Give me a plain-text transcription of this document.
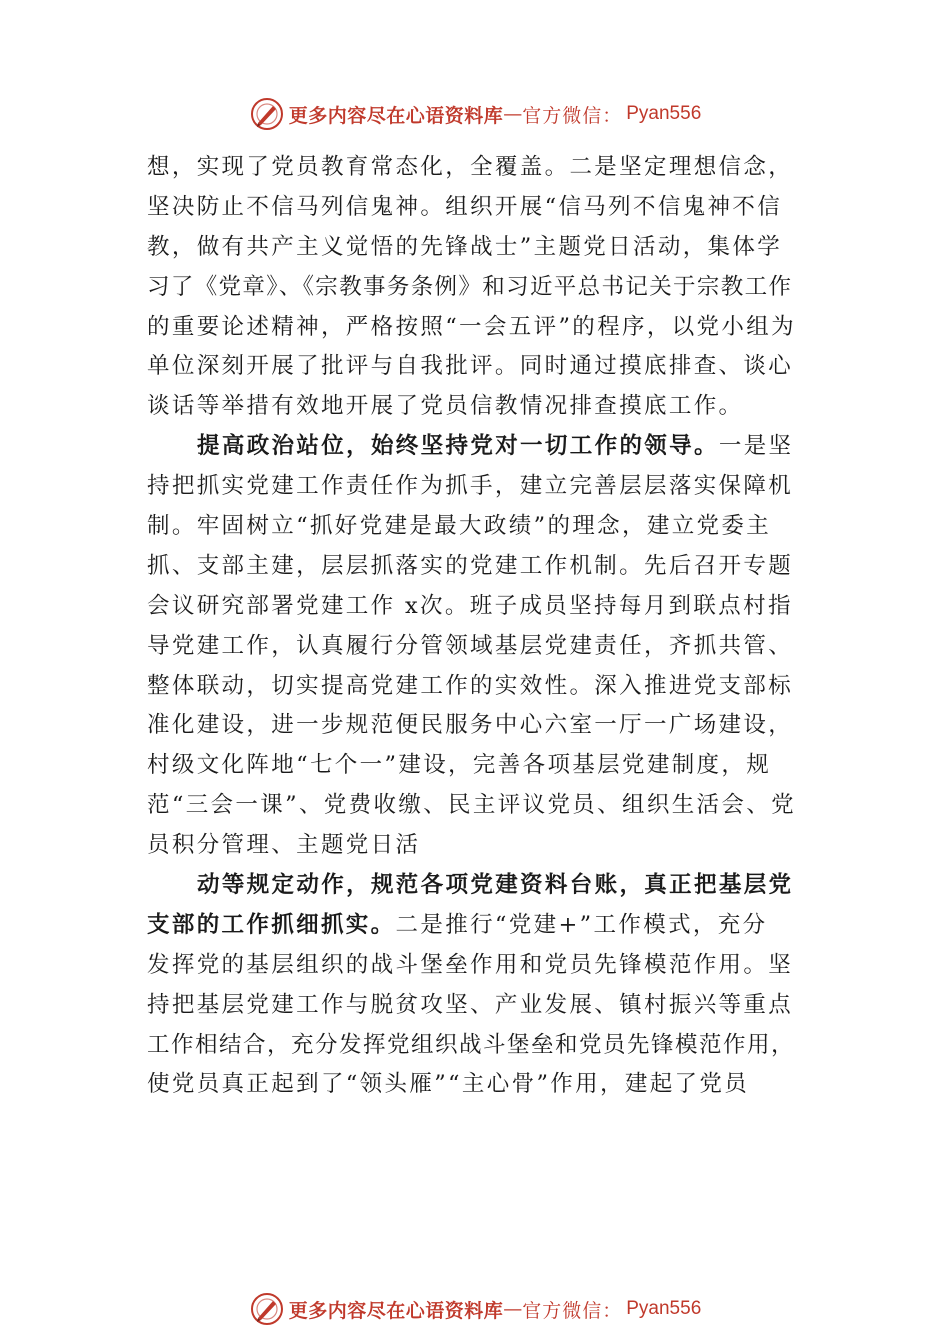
更多内容尽在心语资料库 — 官方微信： Pyan556
想，实现了党员教育常态化，全覆盖。二是坚定理想信念，
坚决防止不信马列信鬼神。组织开展“信马列不信鬼神不信
教，做有共产主义觉悟的先锋战士”主题党日活动，集体学
习了《党章》、《宗教事务条例》和习近平总书记关于宗教工作
的重要论述精神，严格按照“一会五评”的程序，以党小组为
单位深刻开展了批评与自我批评。同时通过摸底排查、谈心
谈话等举措有效地开展了党员信教情况排查摸底工作。
提高政治站位，始终坚持党对一切工作的领导。一是坚
持把抓实党建工作责任作为抓手，建立完善层层落实保障机
制。牢固树立“抓好党建是最大政绩”的理念，建立党委主
抓、支部主建，层层抓落实的党建工作机制。先后召开专题
会议研究部署党建工作 x次。班子成员坚持每月到联点村指
导党建工作，认真履行分管领域基层党建责任，齐抓共管、
整体联动，切实提高党建工作的实效性。深入推进党支部标
准化建设，进一步规范便民服务中心六室一厅一广场建设，
村级文化阵地“七个一”建设，完善各项基层党建制度，规
范“三会一课”、党费收缴、民主评议党员、组织生活会、党
员积分管理、主题党日活
动等规定动作，规范各项党建资料台账，真正把基层党
支部的工作抓细抓实。二是推行“党建+”工作模式，充分
发挥党的基层组织的战斗堡垒作用和党员先锋模范作用。坚
持把基层党建工作与脱贫攻坚、产业发展、镇村振兴等重点
工作相结合，充分发挥党组织战斗堡垒和党员先锋模范作用，
使党员真正起到了“领头雁”“主心骨”作用，建起了党员
更多内容尽在心语资料库 — 官方微信： Pyan556
